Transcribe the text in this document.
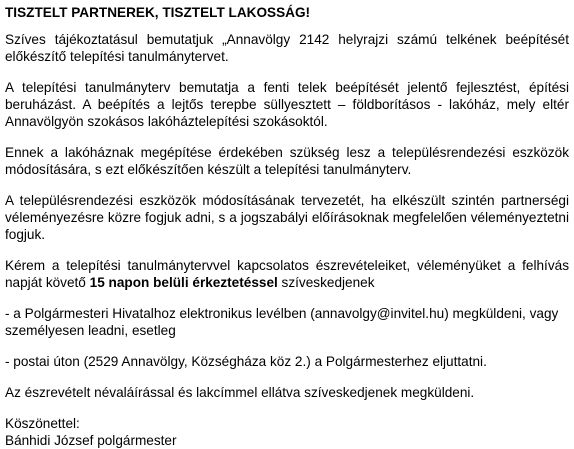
TISZTELT PARTNEREK, TISZTELT LAKOSSÁG!

Szíves tájékoztatásul bemutatjuk „Annavölgy 2142 helyrajzi számú telkének beépítését előkészítő telepítési tanulmánytervet.

A telepítési tanulmányterv bemutatja a fenti telek beépítését jelentő fejlesztést, építési beruházást. A beépítés a lejtős terepbe süllyesztett – földborításos - lakóház, mely eltér Annavölgyön szokásos lakóháztelepítési szokásoktól.

Ennek a lakóháznak megépítése érdekében szükség lesz a településrendezési eszközök módosítására, s ezt előkészítően készült a telepítési tanulmányterv.

A településrendezési eszközök módosításának tervezetét, ha elkészült szintén partnerségi véleményezésre közre fogjuk adni, s a jogszabályi előírásoknak megfelelően véleményeztetni fogjuk.

Kérem a telepítési tanulmánytervvel kapcsolatos észrevételeiket, véleményüket a felhívás napját követő 15 napon belüli érkeztetéssel szíveskedjenek

- a Polgármesteri Hivatalhoz elektronikus levélben (annavolgy@invitel.hu) megküldeni, vagy személyesen leadni, esetleg

- postai úton (2529 Annavölgy, Községháza köz 2.) a Polgármesterhez eljuttatni.

Az észrevételt névaláírással és lakcímmel ellátva szíveskedjenek megküldeni.

Köszönettel:
Bánhidi József polgármester
